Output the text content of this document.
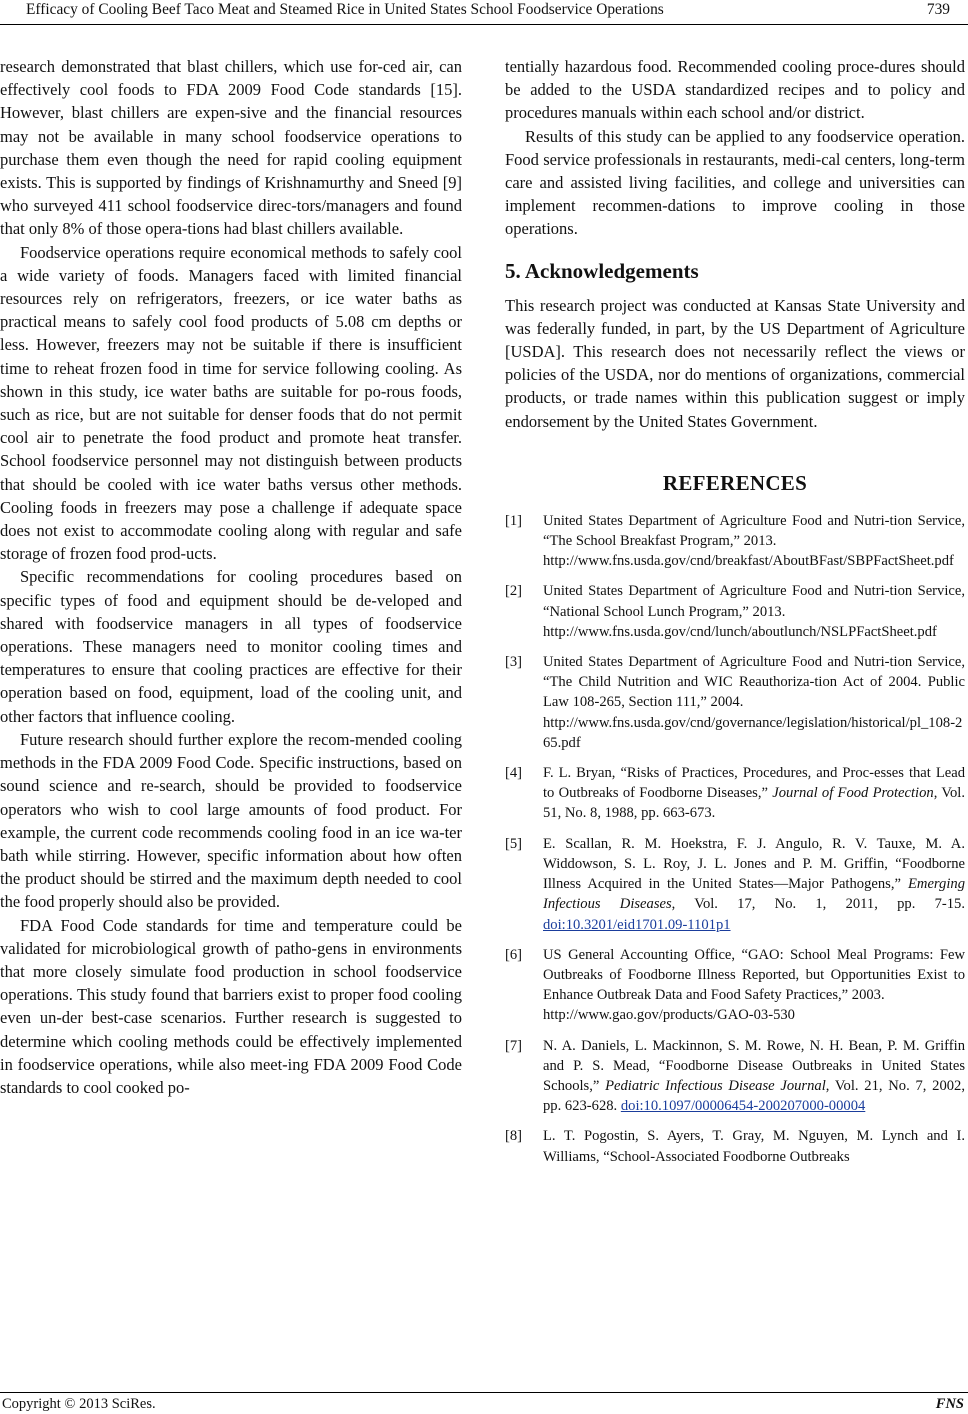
Efficacy of Cooling Beef Taco Meat and Steamed Rice in United States School Foodservice Operations	739

research demonstrated that blast chillers, which use for-ced air, can effectively cool foods to FDA 2009 Food Code standards [15]. However, blast chillers are expen-sive and the financial resources may not be available in many school foodservice operations to purchase them even though the need for rapid cooling equipment exists. This is supported by findings of Krishnamurthy and Sneed [9] who surveyed 411 school foodservice direc-tors/managers and found that only 8% of those opera-tions had blast chillers available.

Foodservice operations require economical methods to safely cool a wide variety of foods. Managers faced with limited financial resources rely on refrigerators, freezers, or ice water baths as practical means to safely cool food products of 5.08 cm depths or less. However, freezers may not be suitable if there is insufficient time to reheat frozen food in time for service following cooling. As shown in this study, ice water baths are suitable for po-rous foods, such as rice, but are not suitable for denser foods that do not permit cool air to penetrate the food product and promote heat transfer. School foodservice personnel may not distinguish between products that should be cooled with ice water baths versus other methods. Cooling foods in freezers may pose a challenge if adequate space does not exist to accommodate cooling along with regular and safe storage of frozen food prod-ucts.

Specific recommendations for cooling procedures based on specific types of food and equipment should be de-veloped and shared with foodservice managers in all types of foodservice operations. These managers need to monitor cooling times and temperatures to ensure that cooling practices are effective for their operation based on food, equipment, load of the cooling unit, and other factors that influence cooling.

Future research should further explore the recom-mended cooling methods in the FDA 2009 Food Code. Specific instructions, based on sound science and re-search, should be provided to foodservice operators who wish to cool large amounts of food product. For example, the current code recommends cooling food in an ice wa-ter bath while stirring. However, specific information about how often the product should be stirred and the maximum depth needed to cool the food properly should also be provided.

FDA Food Code standards for time and temperature could be validated for microbiological growth of patho-gens in environments that more closely simulate food production in school foodservice operations. This study found that barriers exist to proper food cooling even un-der best-case scenarios. Further research is suggested to determine which cooling methods could be effectively implemented in foodservice operations, while also meet-ing FDA 2009 Food Code standards to cool cooked po-

tentially hazardous food. Recommended cooling proce-dures should be added to the USDA standardized recipes and to policy and procedures manuals within each school and/or district.

Results of this study can be applied to any foodservice operation. Food service professionals in restaurants, medi-cal centers, long-term care and assisted living facilities, and college and universities can implement recommen-dations to improve cooling in those operations.

5. Acknowledgements

This research project was conducted at Kansas State University and was federally funded, in part, by the US Department of Agriculture [USDA]. This research does not necessarily reflect the views or policies of the USDA, nor do mentions of organizations, commercial products, or trade names within this publication suggest or imply endorsement by the United States Government.

REFERENCES
[1] United States Department of Agriculture Food and Nutri-tion Service, “The School Breakfast Program,” 2013.
http://www.fns.usda.gov/cnd/breakfast/AboutBFast/SBPFactSheet.pdf
[2] United States Department of Agriculture Food and Nutri-tion Service, “National School Lunch Program,” 2013.
http://www.fns.usda.gov/cnd/lunch/aboutlunch/NSLPFactSheet.pdf
[3] United States Department of Agriculture Food and Nutri-tion Service, “The Child Nutrition and WIC Reauthoriza-tion Act of 2004. Public Law 108-265, Section 111,” 2004.
http://www.fns.usda.gov/cnd/governance/legislation/historical/pl_108-265.pdf
[4] F. L. Bryan, “Risks of Practices, Procedures, and Proc-esses that Lead to Outbreaks of Foodborne Diseases,” Journal of Food Protection, Vol. 51, No. 8, 1988, pp. 663-673.
[5] E. Scallan, R. M. Hoekstra, F. J. Angulo, R. V. Tauxe, M. A. Widdowson, S. L. Roy, J. L. Jones and P. M. Griffin, “Foodborne Illness Acquired in the United States—Major Pathogens,” Emerging Infectious Diseases, Vol. 17, No. 1, 2011, pp. 7-15. doi:10.3201/eid1701.09-1101p1
[6] US General Accounting Office, “GAO: School Meal Programs: Few Outbreaks of Foodborne Illness Reported, but Opportunities Exist to Enhance Outbreak Data and Food Safety Practices,” 2003.
http://www.gao.gov/products/GAO-03-530
[7] N. A. Daniels, L. Mackinnon, S. M. Rowe, N. H. Bean, P. M. Griffin and P. S. Mead, “Foodborne Disease Outbreaks in United States Schools,” Pediatric Infectious Disease Journal, Vol. 21, No. 7, 2002, pp. 623-628. doi:10.1097/00006454-200207000-00004
[8] L. T. Pogostin, S. Ayers, T. Gray, M. Nguyen, M. Lynch and I. Williams, “School-Associated Foodborne Outbreaks
Copyright © 2013 SciRes.	FNS
